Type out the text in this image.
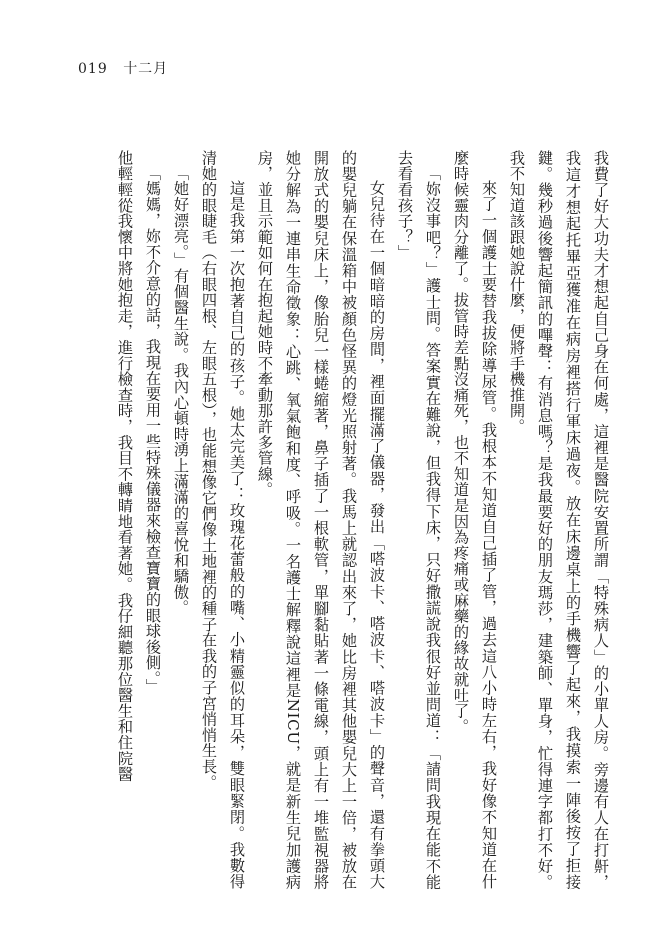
019 十二月

我費了好大功夫才想起自己身在何處，這裡是醫院安置所謂「特殊病人」的小單人房。旁邊有人在打鼾，我這才想起托畢亞獲准在病房裡搭行軍床過夜。放在床邊桌上的手機響了起來，我摸索一陣後按了拒接鍵。幾秒過後響起簡訊的嗶聲：有消息嗎？是我最要好的朋友瑪莎，建築師、單身，忙得連字都打不好。我不知道該跟她說什麼，便將手機推開。

來了一個護士要替我拔除導尿管。我根本不知道自己插了管，過去這八小時左右，我好像不知道在什麼時候靈肉分離了。拔管時差點沒痛死，也不知道是因為疼痛或麻藥的緣故就吐了。

「妳沒事吧？」護士問。答案實在難說，但我得下床，只好撒謊說我很好並問道：「請問我現在能不能去看看孩子？」

女兒待在一個暗暗的房間，裡面擺滿了儀器，發出「嗒波卡、嗒波卡、嗒波卡」的聲音，還有拳頭大的嬰兒躺在保溫箱中被顏色怪異的燈光照射著。我馬上就認出來了，她比房裡其他嬰兒大上一倍，被放在開放式的嬰兒床上，像胎兒一樣蜷縮著，鼻子插了一根軟管，單腳黏貼著一條電線，頭上有一堆監視器將她分解為一連串生命徵象：心跳、氧氣飽和度、呼吸。一名護士解釋說這裡是NICU，就是新生兒加護病房，並且示範如何在抱起她時不牽動那許多管線。

這是我第一次抱著自己的孩子。她太完美了：玫瑰花蕾般的嘴、小精靈似的耳朵，雙眼緊閉。我數得清她的眼睫毛（右眼四根、左眼五根），也能想像它們像土地裡的種子在我的子宮悄悄生長。

「她好漂亮。」有個醫生說。我內心頓時湧上滿滿的喜悅和驕傲。

「媽媽，妳不介意的話，我現在要用一些特殊儀器來檢查寶寶的眼球後側。」

他輕輕從我懷中將她抱走，進行檢查時，我目不轉睛地看著她。我仔細聽那位醫生和住院醫
